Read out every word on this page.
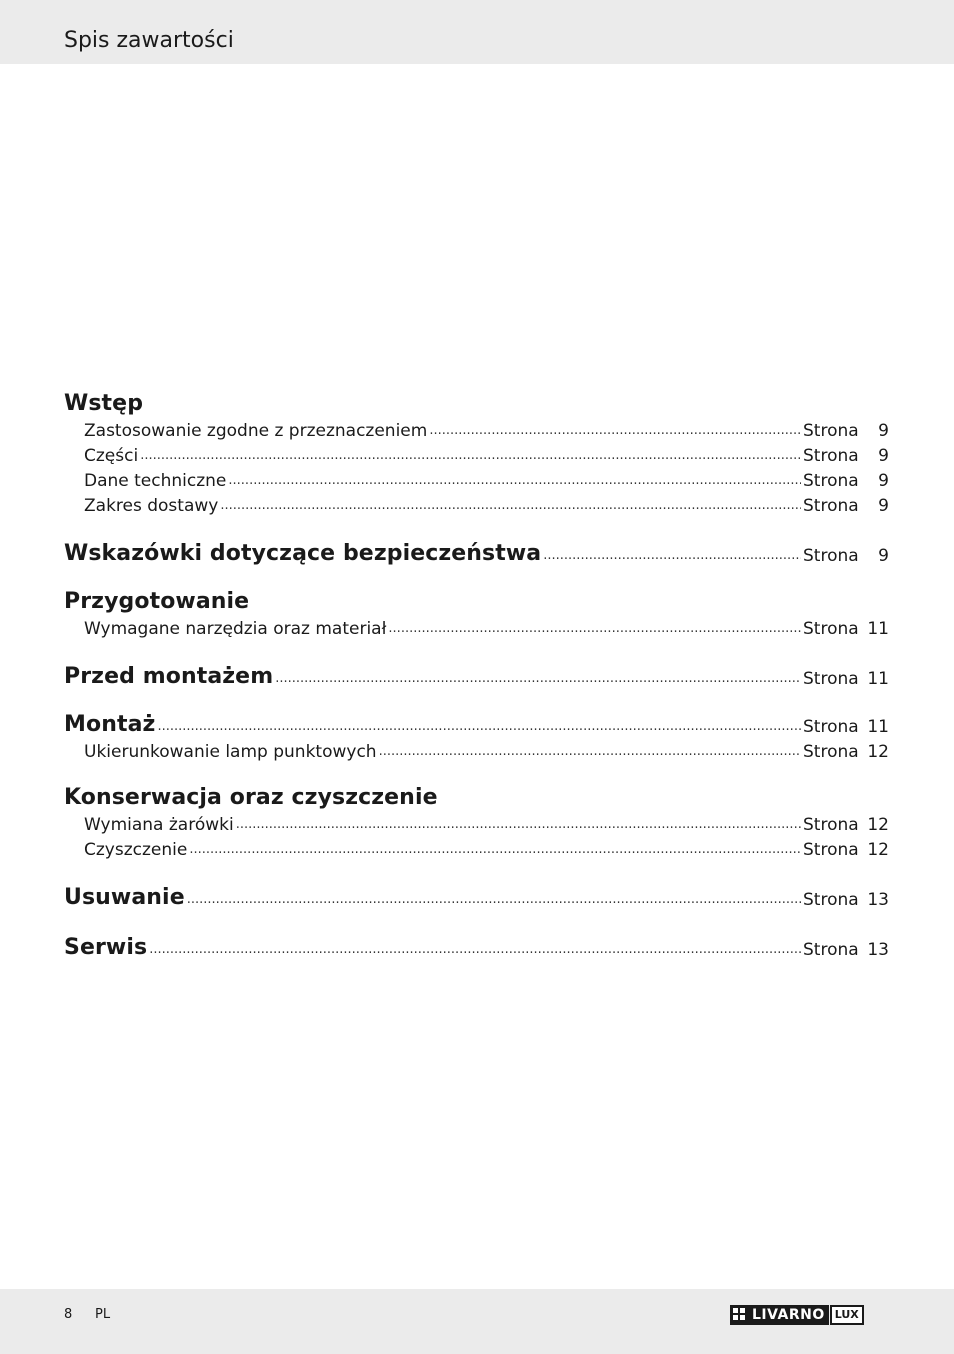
Spis zawartości
Wstęp
Zastosowanie zgodne z przeznaczeniem .....	Strona	9
Części .....	Strona	9
Dane techniczne .....	Strona	9
Zakres dostawy .....	Strona	9
Wskazówki dotyczące bezpieczeństwa .....	Strona	9
Przygotowanie
Wymagane narzędzia oraz materiał .....	Strona 11
Przed montażem .....	Strona 11
Montaż .....	Strona 11
Ukierunkowanie lamp punktowych .....	Strona 12
Konserwacja oraz czyszczenie
Wymiana żarówki .....	Strona 12
Czyszczenie .....	Strona 12
Usuwanie .....	Strona 13
Serwis .....	Strona 13
8 PL	LIVARNO LUX
